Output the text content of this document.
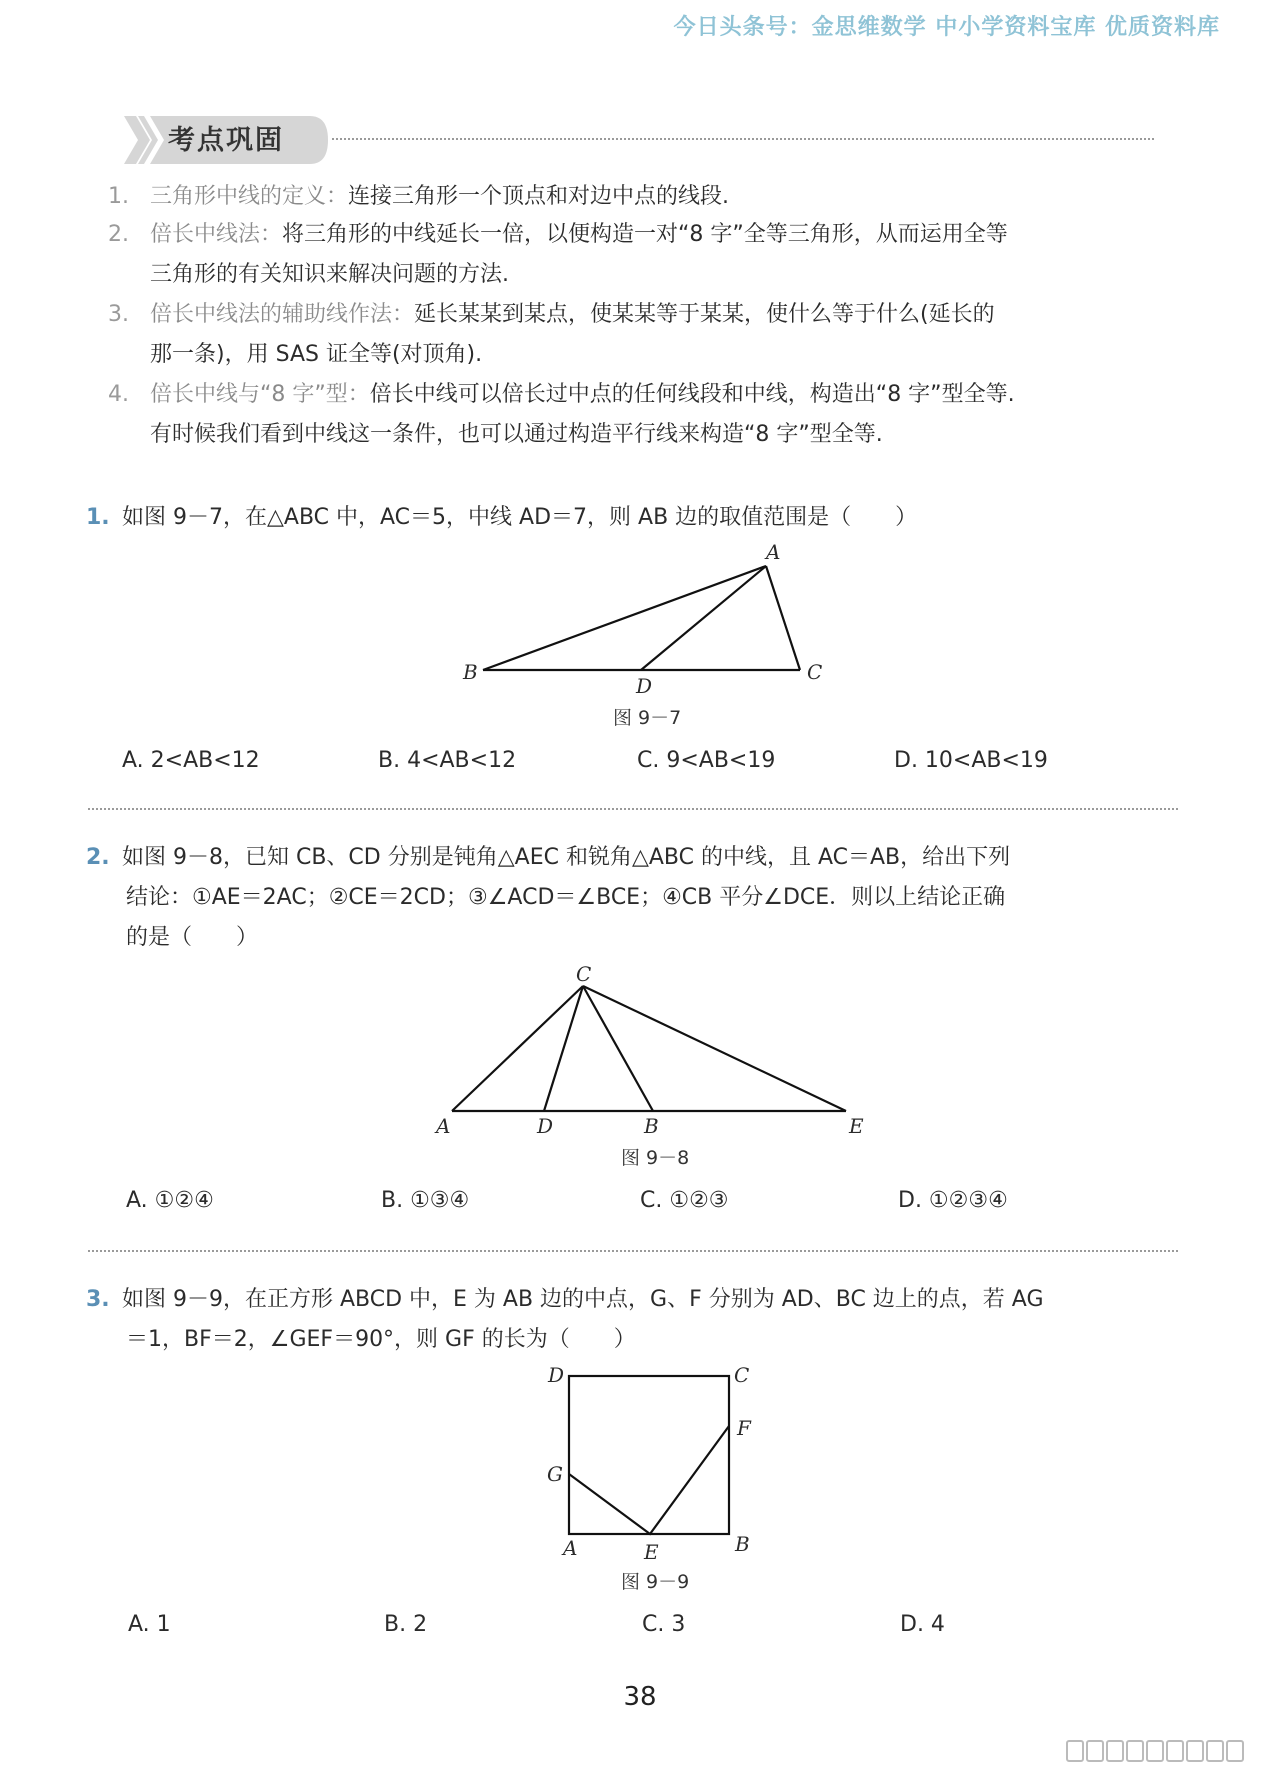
今日头条号：金思维数学 中小学资料宝库 优质资料库
考点巩固
1. 三角形中线的定义：连接三角形一个顶点和对边中点的线段.
2. 倍长中线法：将三角形的中线延长一倍，以便构造一对“8 字”全等三角形，从而运用全等
三角形的有关知识来解决问题的方法.
3. 倍长中线法的辅助线作法：延长某某到某点，使某某等于某某，使什么等于什么(延长的
那一条)，用 SAS 证全等(对顶角).
4. 倍长中线与“8 字”型：倍长中线可以倍长过中点的任何线段和中线，构造出“8 字”型全等.
有时候我们看到中线这一条件，也可以通过构造平行线来构造“8 字”型全等.
1. 如图 9－7，在△ABC 中，AC＝5，中线 AD＝7，则 AB 边的取值范围是（　　）
A
B	C
D
图 9－7
A. 2<AB<12	B. 4<AB<12	C. 9<AB<19	D. 10<AB<19
2. 如图 9－8，已知 CB、CD 分别是钝角△AEC 和锐角△ABC 的中线，且 AC＝AB，给出下列
结论：①AE＝2AC；②CE＝2CD；③∠ACD＝∠BCE；④CB 平分∠DCE．则以上结论正确
的是（　　）
C
A	D	B	E
图 9－8
A. ①②④	B. ①③④	C. ①②③	D. ①②③④
3. 如图 9－9，在正方形 ABCD 中，E 为 AB 边的中点，G、F 分别为 AD、BC 边上的点，若 AG
＝1，BF＝2，∠GEF＝90°，则 GF 的长为（　　）
D	C
F
G
A	E	B
图 9－9
A. 1	B. 2	C. 3	D. 4
38
